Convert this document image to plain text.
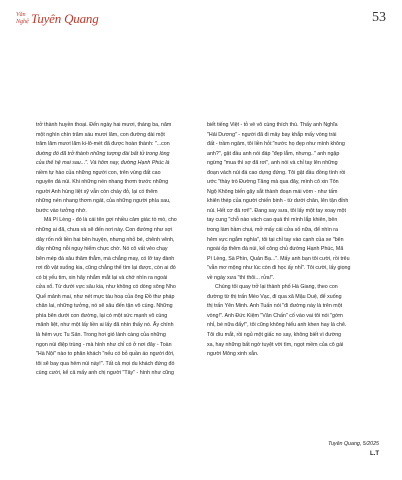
Văn
Nghệ Tuyên Quang	53

trở thành huyền thoại. Đến ngày hai mươi, tháng ba, năm

một nghìn chín trăm sáu mươi lăm, con đường dài một

trăm lăm mươi lăm ki-lô-mét đã được hoàn thành: "...con

đường đó đã trở thành những tượng đài bất tử trong lòng

của thế hệ mai sau...". Và hôm nay, đường Hạnh Phúc là

niềm tự hào của những người con, trên vùng đất cao

nguyên đá núi. Khi những nén nhang thơm trước những

người Anh hùng liệt sỹ vẫn còn cháy đỏ, lại có thêm

những nén nhang thơm ngát, của những người phía sau,

bước vào tưởng nhớ.

Mã Pí Lèng - đó là cái tên gợi nhiều cảm giác tò mò, cho

những ai đã, chưa và sẽ đến nơi này. Con đường như sợi

dây rốn nối liền hai bên huyện, nhưng nhỏ bé, chênh vênh,

đầy những nỗi nguy hiểm chực chờ. Nó cô vất vẻo chạy

bên mép đá sâu thăm thẳm, mà chẳng may, có lỡ tay đành

rơi đồ vật xuống kia, cũng chẳng thể tìm lại được, còn ai đó

có bị yếu tim, xin hãy nhắm mắt lại và chớ nhìn ra ngoài

cửa xổ. Từ dưới vực sâu kia, như không có dòng sông Nho

Quế mảnh mai, như nét mực tàu hoạ của ông Đồ thư pháp

chân lai, những tưởng, nó sẽ sâu đến tận vô cùng. Những

phía bên dưới con đường, lại có một sức mạnh vô cùng

mãnh liệt, như một lấy liền ai lấy đã nhìn thấy nó. Ấy chính

là hẻm vực Tu Sản. Trong hơi gió lành càng của những

ngọn núi điệp trùng - mà hình như chỉ có ở nơi đây - Toàn

"Hà Nội" nào to phăn khách "nếu có bỏ quần áo người đời,

tôi sẽ bay qua hẻm núi này!". Tất cả mọi du khách đứng đó

cùng cười, kể cả mấy anh chị người "Tây" - hình như cũng

biết tiếng Việt - tỏ vẻ vô cùng thích thú. Thấy anh Nghĩa

"Hải Dương" - người đã đi mây bay khắp mấy vòng trái

đất - trầm ngâm, tôi liền hỏi:"nước họ đẹp như mình không

anh?", gật đầu anh nói đáp "đẹp lắm, nhưng.." anh ngập

ngừng "mua thì sợ đã rơi", anh nói và chỉ tay lên những

đoạn vách núi đá cao dựng đứng. Tôi gật đầu đồng tình rồi

ước "thày trò Đường Tăng mà qua đây, mình cô xin Tôn

Ngộ Không biến gậy sắt thành đoạn mái vòm - như tấm

khiên thép của người chiến binh - từ dưới chân, lên tận đỉnh

núi. Hết cơ đá rơi!". Đang say sưa, tôi lấy một tay xoay một

tay cung "chỗ nào vách cao quá thì mình lắp khiên, bên

trong làm hầm chui, mở mấy cái cửa số nữa, để nhìn ra

hẻm vực ngắm nghía", tôi tại chỉ tay vào cạnh của xe "bên

ngoài ốp thêm đá núi, kể công chủ đường Hạnh Phúc, Mã

Pí Lèng, Sà Phìn, Quản Bạ...". Mấy anh bạn tôi cười, rồi trêu

"vẫn mơ mộng như lúc còn đi học ấy nhỉ". Tôi cười, lấy giọng

về ngày xưa "thì thôi... rửa!".

Chúng tôi quay trở lại thành phố Hà Giang, theo con

đường từ thị trấn Mèo Vạc, đi qua xã Mậu Duệ, để xuống

thị trấn Yên Minh. Anh Tuấn nói "đi đường này là trên một

vòng!". Anh Đức Kiệm "Văn Chấn" cố vào vai tôi nói "gớm

nhỉ, bé nữa đấy!", tôi cũng không hiểu anh khen hay là chê.

Tôi dìu mắt, rồi ngủ một giấc no say, không biết vì đường

xa, hay những bất ngờ tuyệt vời tìm, ngọt mềm của cô gái

người Mông xinh xắn.

Tuyên Quang, 5/2025
L.T
